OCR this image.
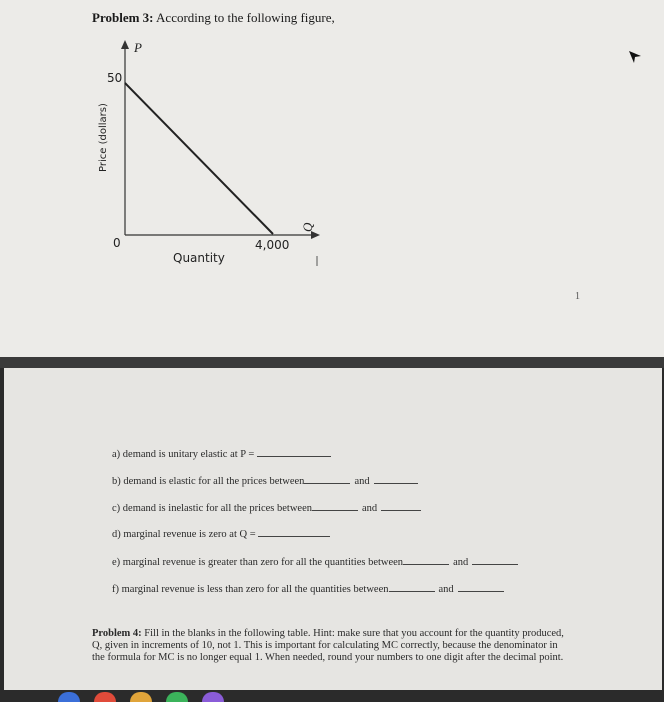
Problem 3: According to the following figure,
P
50
Price (dollars)
0	4,000
Q
Quantity
1
a) demand is unitary elastic at P =
b) demand is elastic for all the prices between	and
c) demand is inelastic for all the prices between	and
d) marginal revenue is zero at Q =
e) marginal revenue is greater than zero for all the quantities between	and
f) marginal revenue is less than zero for all the quantities between	and
Problem 4: Fill in the blanks in the following table. Hint: make sure that you account for the quantity produced, Q, given in increments of 10, not 1. This is important for calculating MC correctly, because the denominator in the formula for MC is no longer equal 1. When needed, round your numbers to one digit after the decimal point.
